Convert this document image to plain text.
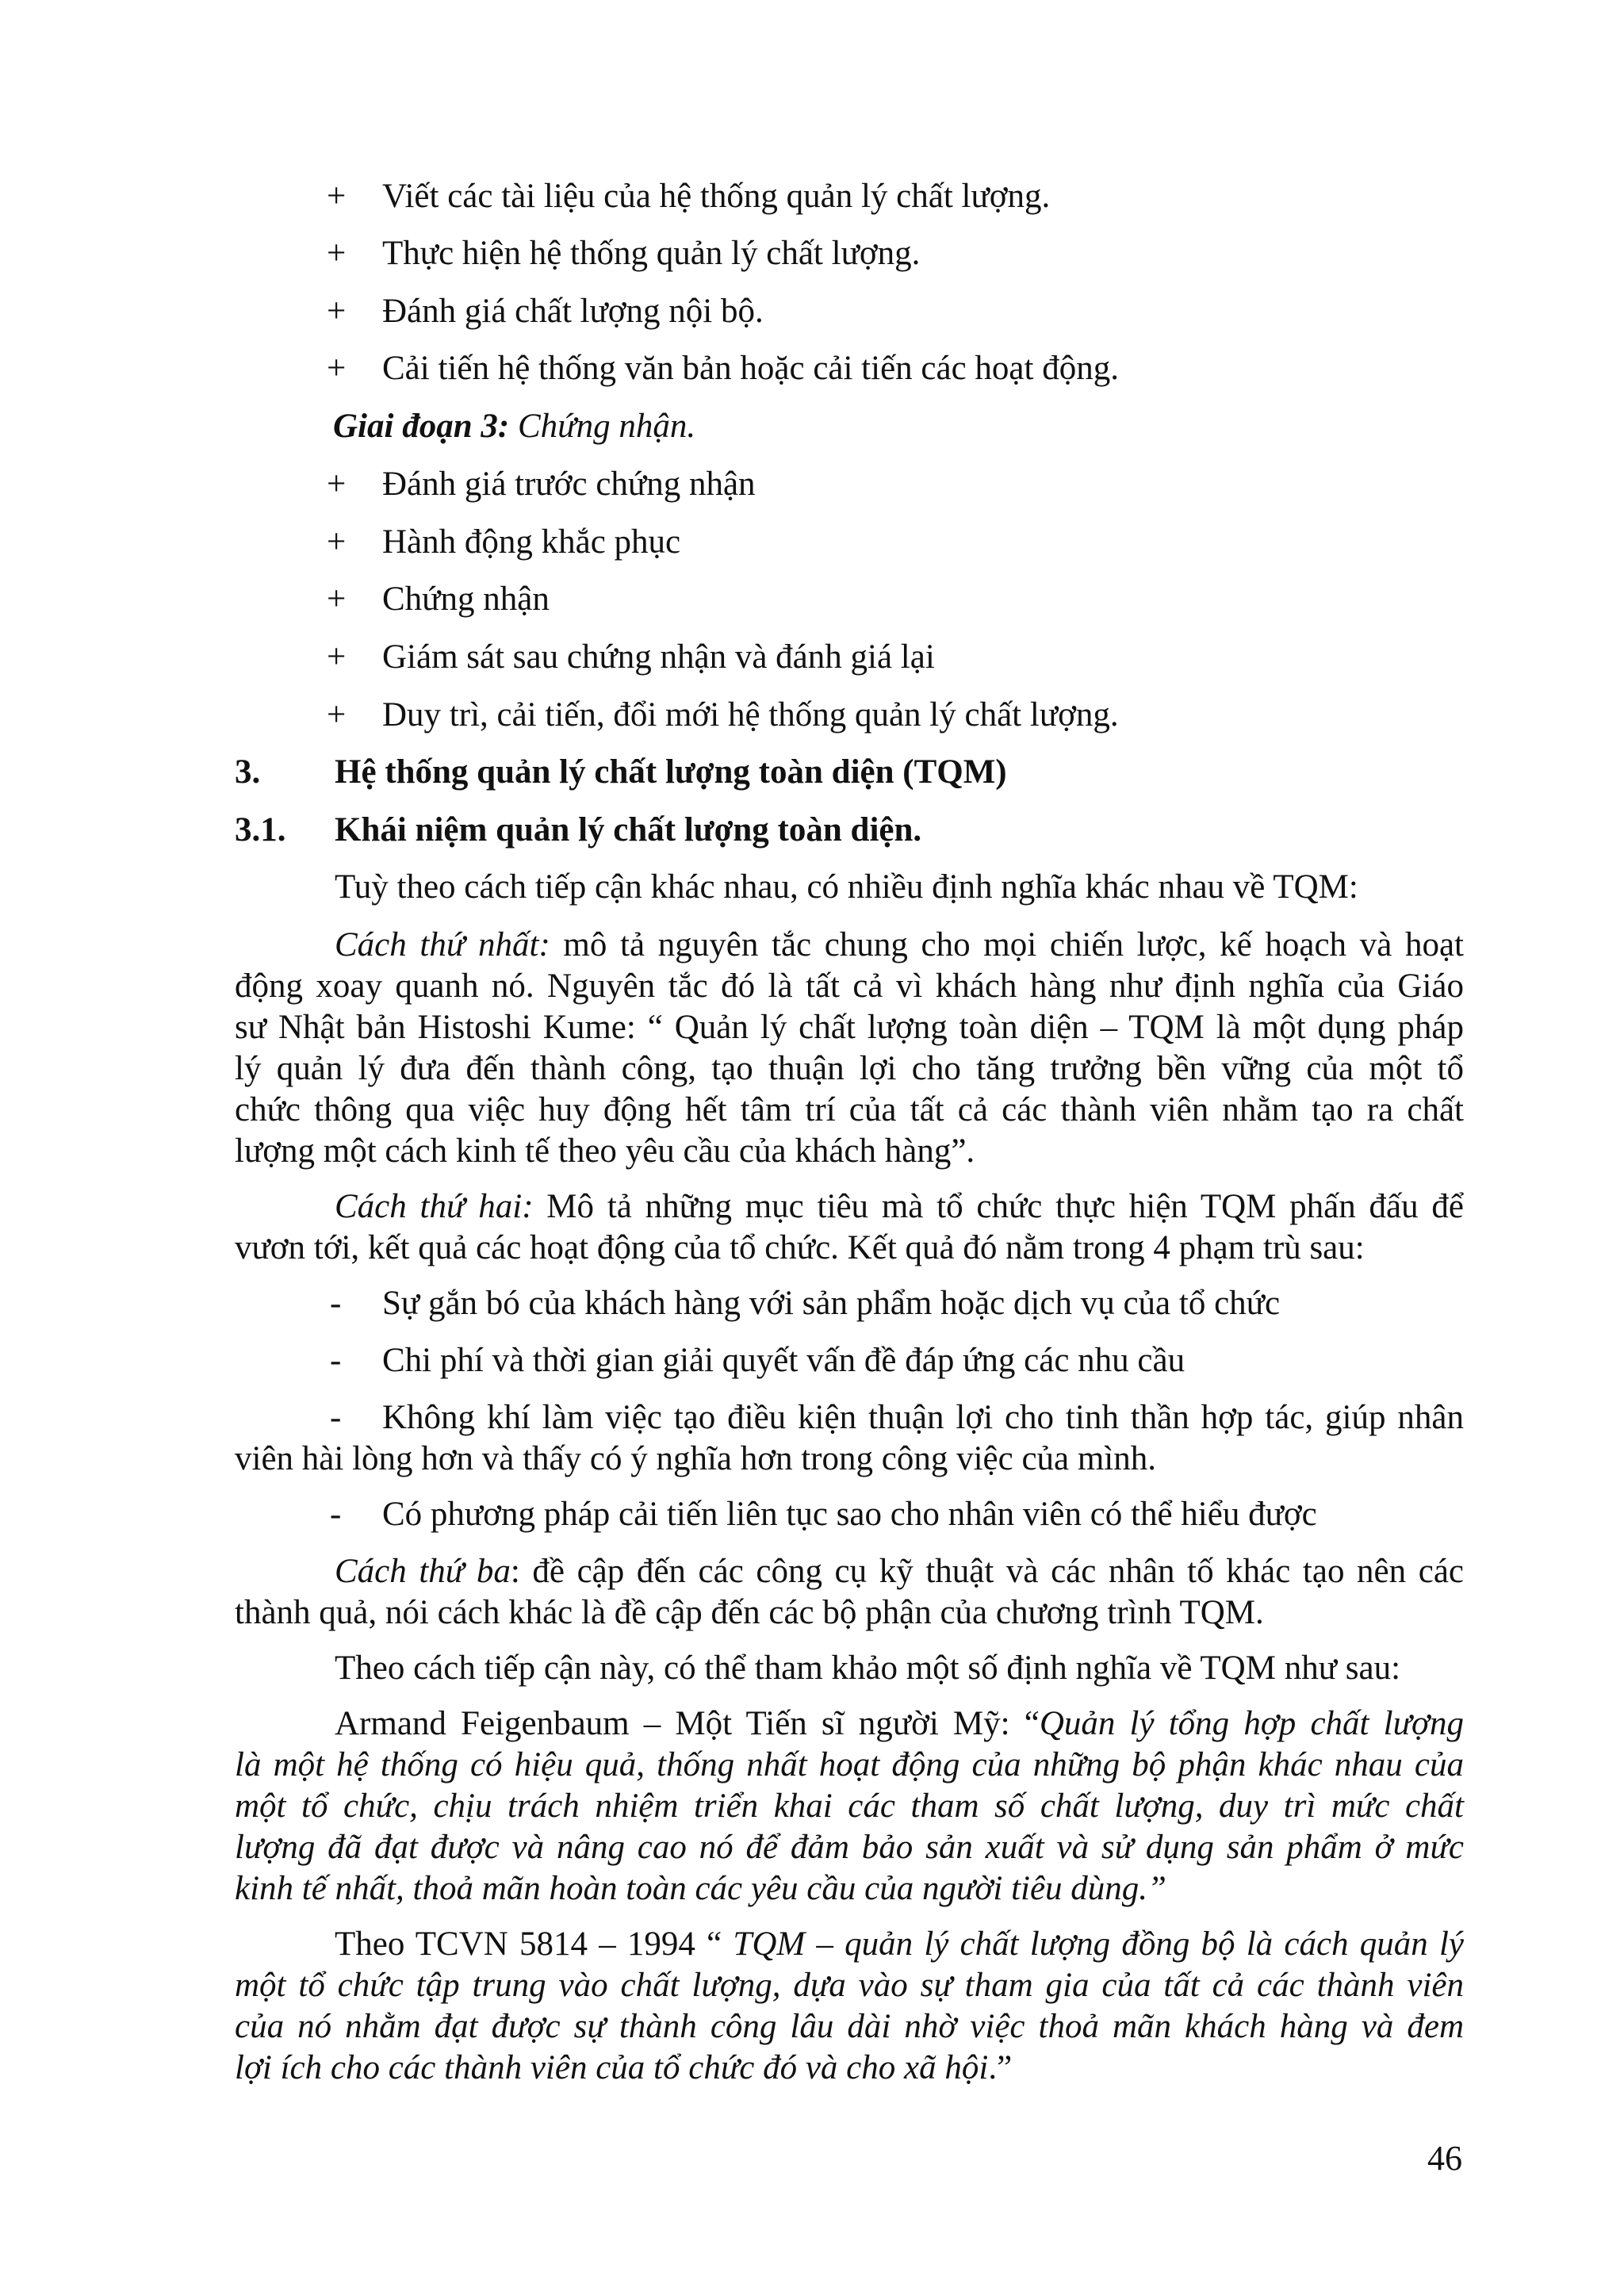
+ Viết các tài liệu của hệ thống quản lý chất lượng.
+ Thực hiện hệ thống quản lý chất lượng.
+ Đánh giá chất lượng nội bộ.
+ Cải tiến hệ thống văn bản hoặc cải tiến các hoạt động.
Giai đoạn 3: Chứng nhận.
+ Đánh giá trước chứng nhận
+ Hành động khắc phục
+ Chứng nhận
+ Giám sát sau chứng nhận và đánh giá lại
+ Duy trì, cải tiến, đổi mới hệ thống quản lý chất lượng.
3. Hệ thống quản lý chất lượng toàn diện (TQM)
3.1. Khái niệm quản lý chất lượng toàn diện.
Tuỳ theo cách tiếp cận khác nhau, có nhiều định nghĩa khác nhau về TQM:
Cách thứ nhất: mô tả nguyên tắc chung cho mọi chiến lược, kế hoạch và hoạt
động xoay quanh nó. Nguyên tắc đó là tất cả vì khách hàng như định nghĩa của Giáo
sư Nhật bản Histoshi Kume: “ Quản lý chất lượng toàn diện – TQM là một dụng pháp
lý quản lý đưa đến thành công, tạo thuận lợi cho tăng trưởng bền vững của một tổ
chức thông qua việc huy động hết tâm trí của tất cả các thành viên nhằm tạo ra chất
lượng một cách kinh tế theo yêu cầu của khách hàng”.
Cách thứ hai: Mô tả những mục tiêu mà tổ chức thực hiện TQM phấn đấu để
vươn tới, kết quả các hoạt động của tổ chức. Kết quả đó nằm trong 4 phạm trù sau:
- Sự gắn bó của khách hàng với sản phẩm hoặc dịch vụ của tổ chức
- Chi phí và thời gian giải quyết vấn đề đáp ứng các nhu cầu
- Không khí làm việc tạo điều kiện thuận lợi cho tinh thần hợp tác, giúp nhân
viên hài lòng hơn và thấy có ý nghĩa hơn trong công việc của mình.
- Có phương pháp cải tiến liên tục sao cho nhân viên có thể hiểu được
Cách thứ ba: đề cập đến các công cụ kỹ thuật và các nhân tố khác tạo nên các
thành quả, nói cách khác là đề cập đến các bộ phận của chương trình TQM.
Theo cách tiếp cận này, có thể tham khảo một số định nghĩa về TQM như sau:
Armand Feigenbaum – Một Tiến sĩ người Mỹ: “Quản lý tổng hợp chất lượng
là một hệ thống có hiệu quả, thống nhất hoạt động của những bộ phận khác nhau của
một tổ chức, chịu trách nhiệm triển khai các tham số chất lượng, duy trì mức chất
lượng đã đạt được và nâng cao nó để đảm bảo sản xuất và sử dụng sản phẩm ở mức
kinh tế nhất, thoả mãn hoàn toàn các yêu cầu của người tiêu dùng.”
Theo TCVN 5814 – 1994 “ TQM – quản lý chất lượng đồng bộ là cách quản lý
một tổ chức tập trung vào chất lượng, dựa vào sự tham gia của tất cả các thành viên
của nó nhằm đạt được sự thành công lâu dài nhờ việc thoả mãn khách hàng và đem
lợi ích cho các thành viên của tổ chức đó và cho xã hội.”
46
